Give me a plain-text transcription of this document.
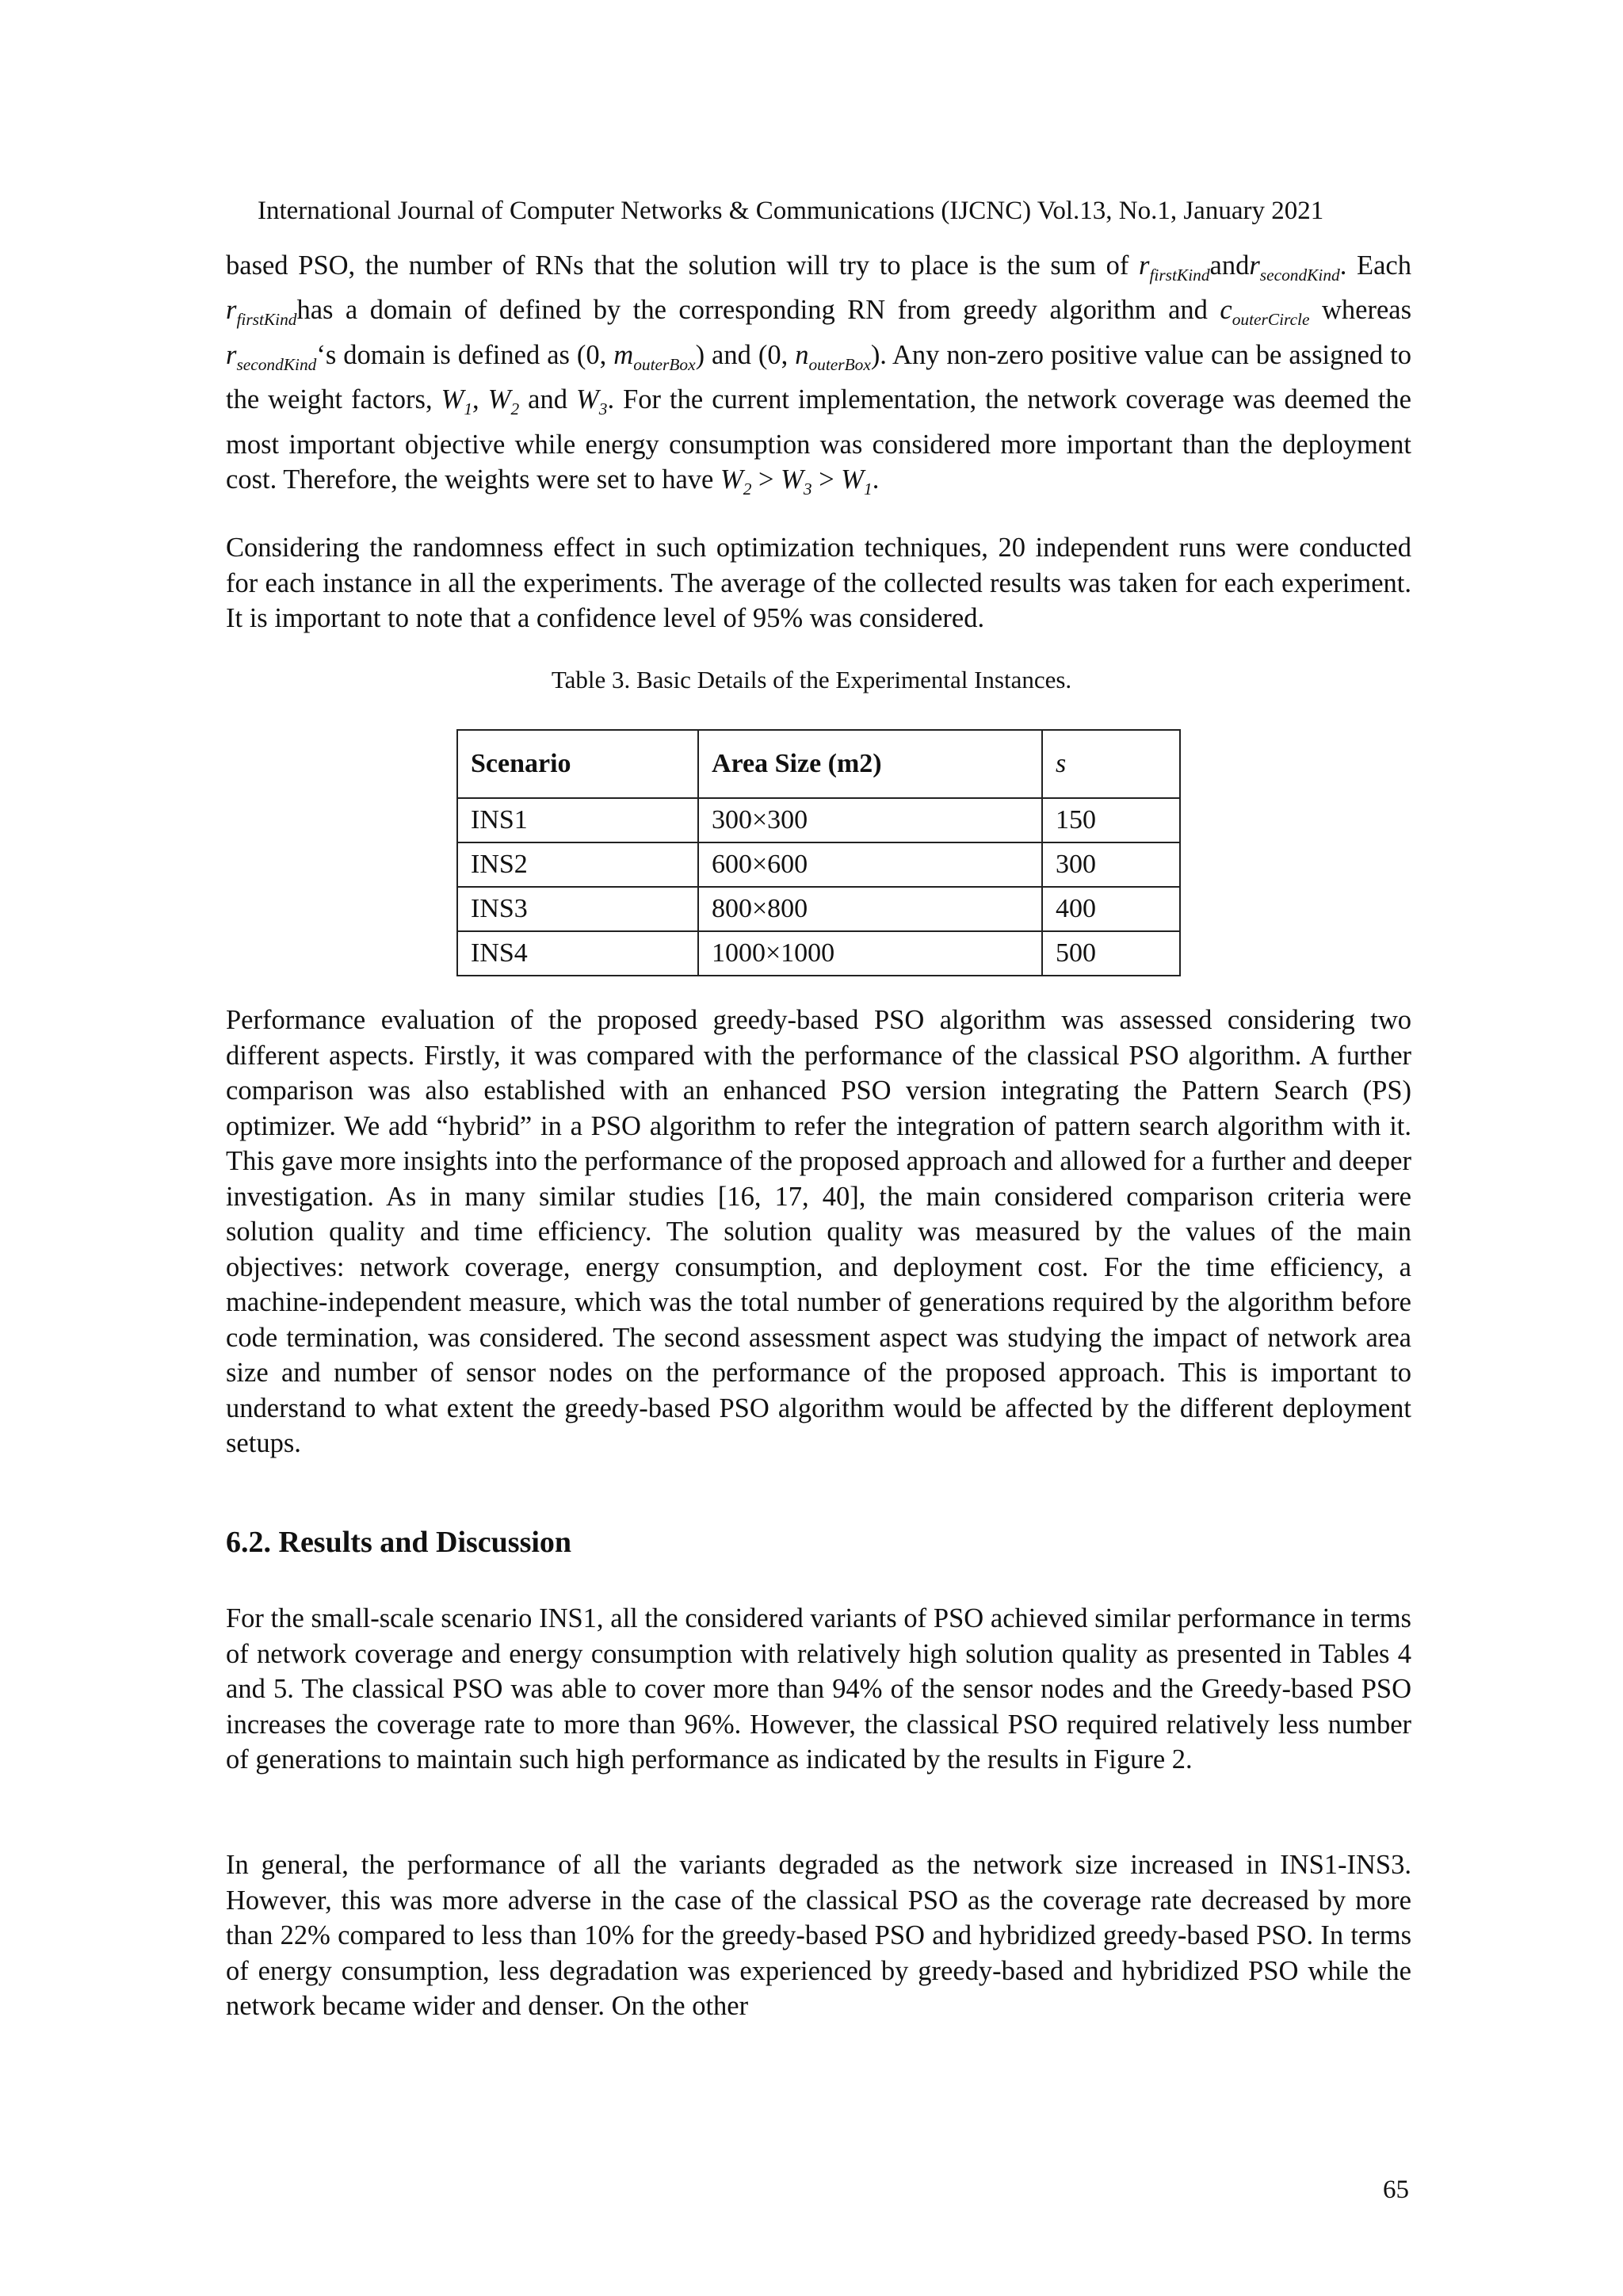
International Journal of Computer Networks & Communications (IJCNC) Vol.13, No.1, January 2021

based PSO, the number of RNs that the solution will try to place is the sum of $r_{firstKind}andr_{secondKind}$. Each $r_{firstKind}has$ a domain of defined by the corresponding RN from greedy algorithm and $c_{outerCircle}$ whereas $r_{secondKind}‘s$ domain is defined as (0, $m_{outerBox}$) and (0, $n_{outerBox}$). Any non-zero positive value can be assigned to the weight factors, $W_1$, $W_2$ and $W_3$. For the current implementation, the network coverage was deemed the most important objective while energy consumption was considered more important than the deployment cost. Therefore, the weights were set to have $W_2 > W_3 > W_1$.

Considering the randomness effect in such optimization techniques, 20 independent runs were conducted for each instance in all the experiments. The average of the collected results was taken for each experiment. It is important to note that a confidence level of 95% was considered.

Table 3. Basic Details of the Experimental Instances.
Scenario	Area Size (m2)	s
INS1	300×300	150
INS2	600×600	300
INS3	800×800	400
INS4	1000×1000	500

Performance evaluation of the proposed greedy-based PSO algorithm was assessed considering two different aspects. Firstly, it was compared with the performance of the classical PSO algorithm. A further comparison was also established with an enhanced PSO version integrating the Pattern Search (PS) optimizer. We add “hybrid” in a PSO algorithm to refer the integration of pattern search algorithm with it. This gave more insights into the performance of the proposed approach and allowed for a further and deeper investigation. As in many similar studies [16, 17, 40], the main considered comparison criteria were solution quality and time efficiency. The solution quality was measured by the values of the main objectives: network coverage, energy consumption, and deployment cost. For the time efficiency, a machine-independent measure, which was the total number of generations required by the algorithm before code termination, was considered. The second assessment aspect was studying the impact of network area size and number of sensor nodes on the performance of the proposed approach. This is important to understand to what extent the greedy-based PSO algorithm would be affected by the different deployment setups.

6.2. Results and Discussion

For the small-scale scenario INS1, all the considered variants of PSO achieved similar performance in terms of network coverage and energy consumption with relatively high solution quality as presented in Tables 4 and 5. The classical PSO was able to cover more than 94% of the sensor nodes and the Greedy-based PSO increases the coverage rate to more than 96%. However, the classical PSO required relatively less number of generations to maintain such high performance as indicated by the results in Figure 2.

In general, the performance of all the variants degraded as the network size increased in INS1-INS3. However, this was more adverse in the case of the classical PSO as the coverage rate decreased by more than 22% compared to less than 10% for the greedy-based PSO and hybridized greedy-based PSO. In terms of energy consumption, less degradation was experienced by greedy-based and hybridized PSO while the network became wider and denser. On the other

65
